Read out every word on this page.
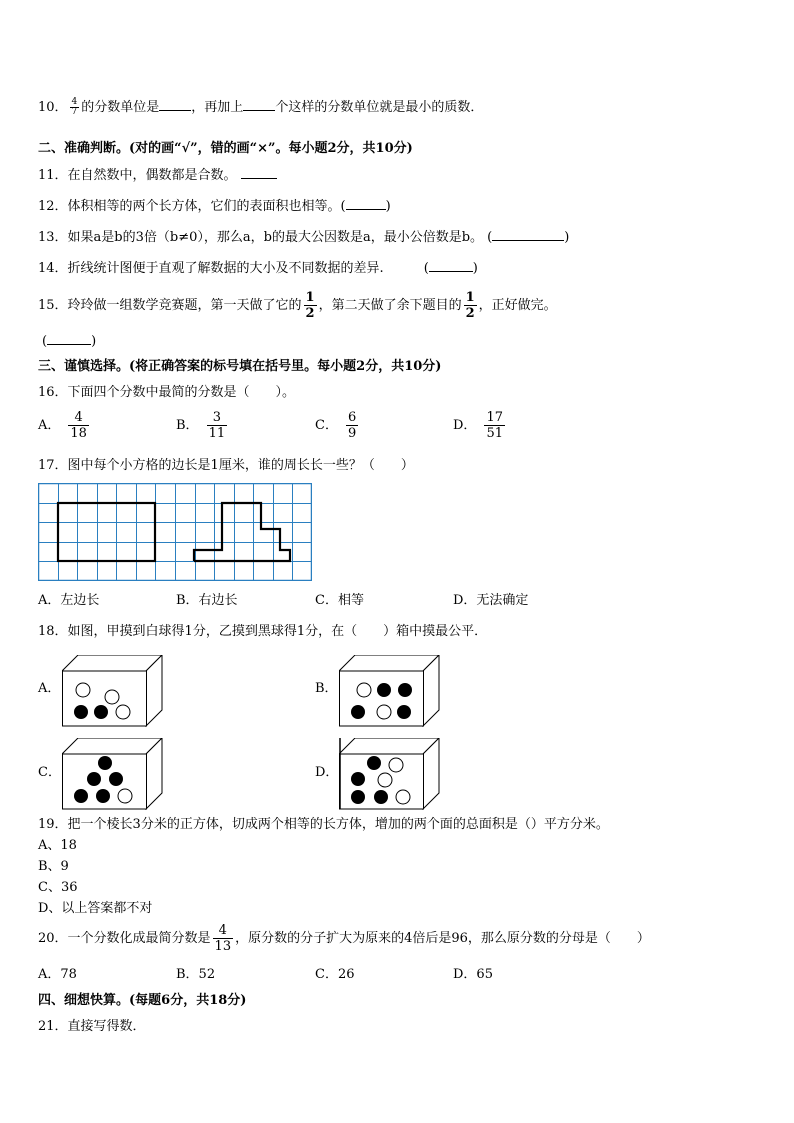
10． $\frac{4}{7}$ 的分数单位是 ，再加上 个这样的分数单位就是最小的质数．
二、准确判断。(对的画“√”，错的画“×”。每小题2分，共10分)
11．在自然数中，偶数都是合数。
12．体积相等的两个长方体，它们的表面积也相等。(	)
13．如果a是b的3倍（b≠0），那么a，b的最大公因数是a，最小公倍数是b。 (	)
14．折线统计图便于直观了解数据的大小及不同数据的差异.	(	)
15．玲玲做一组数学竞赛题，第一天做了它的 $\frac{1}{2}$ ，第二天做了余下题目的 $\frac{1}{2}$ ，正好做完。
(	)
三、谨慎选择。(将正确答案的标号填在括号里。每小题2分，共10分)
16．下面四个分数中最简的分数是（　　）。
A． $\frac{4}{18}$	B． $\frac{3}{11}$	C． $\frac{6}{9}$	D． $\frac{17}{51}$
17．图中每个小方格的边长是1厘米，谁的周长长一些？（　　）
A．左边长	B．右边长	C．相等	D．无法确定
18．如图，甲摸到白球得1分，乙摸到黑球得1分，在（　　）箱中摸最公平．
A．	B．
C．	D．
19．把一个棱长3分米的正方体，切成两个相等的长方体，增加的两个面的总面积是（）平方分米。
A、18
B、9
C、36
D、以上答案都不对
20．一个分数化成最简分数是 $\frac{4}{13}$ ，原分数的分子扩大为原来的4倍后是96，那么原分数的分母是（　　）
A．78	B．52	C．26	D．65
四、细想快算。(每题6分，共18分)
21．直接写得数．
